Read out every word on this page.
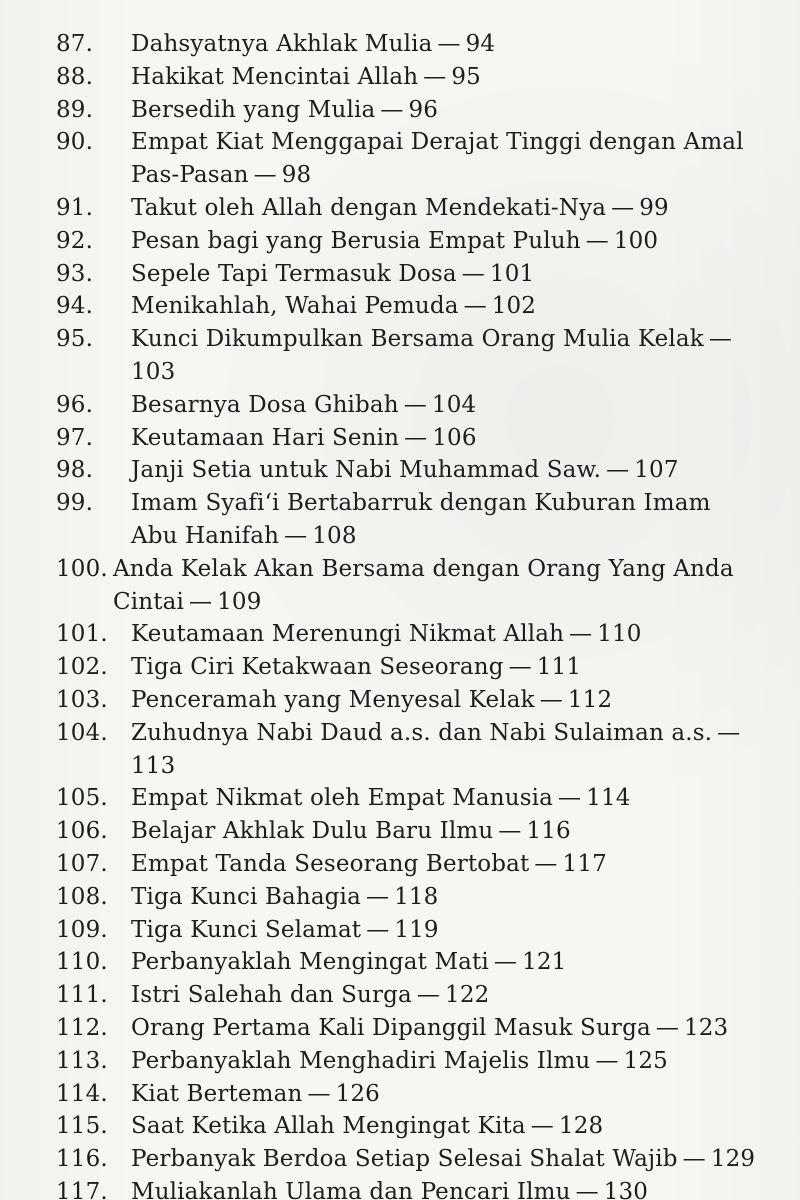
87.	Dahsyatnya Akhlak Mulia — 94
88.	Hakikat Mencintai Allah — 95
89.	Bersedih yang Mulia — 96
90.	Empat Kiat Menggapai Derajat Tinggi dengan Amal Pas-Pasan — 98
91.	Takut oleh Allah dengan Mendekati-Nya — 99
92.	Pesan bagi yang Berusia Empat Puluh — 100
93.	Sepele Tapi Termasuk Dosa — 101
94.	Menikahlah, Wahai Pemuda — 102
95.	Kunci Dikumpulkan Bersama Orang Mulia Kelak —103
96.	Besarnya Dosa Ghibah — 104
97.	Keutamaan Hari Senin — 106
98.	Janji Setia untuk Nabi Muhammad Saw. — 107
99.	Imam Syafi‘i Bertabarruk dengan Kuburan Imam Abu Hanifah — 108
100. Anda Kelak Akan Bersama dengan Orang Yang Anda Cintai — 109
101.	Keutamaan Merenungi Nikmat Allah — 110
102.	Tiga Ciri Ketakwaan Seseorang — 111
103.	Penceramah yang Menyesal Kelak — 112
104.	Zuhudnya Nabi Daud a.s. dan Nabi Sulaiman a.s. —113
105.	Empat Nikmat oleh Empat Manusia — 114
106.	Belajar Akhlak Dulu Baru Ilmu — 116
107.	Empat Tanda Seseorang Bertobat — 117
108.	Tiga Kunci Bahagia — 118
109.	Tiga Kunci Selamat — 119
110.	Perbanyaklah Mengingat Mati — 121
111.	Istri Salehah dan Surga — 122
112.	Orang Pertama Kali Dipanggil Masuk Surga — 123
113.	Perbanyaklah Menghadiri Majelis Ilmu — 125
114.	Kiat Berteman — 126
115.	Saat Ketika Allah Mengingat Kita — 128
116.	Perbanyak Berdoa Setiap Selesai Shalat Wajib — 129
117.	Muliakanlah Ulama dan Pencari Ilmu — 130
